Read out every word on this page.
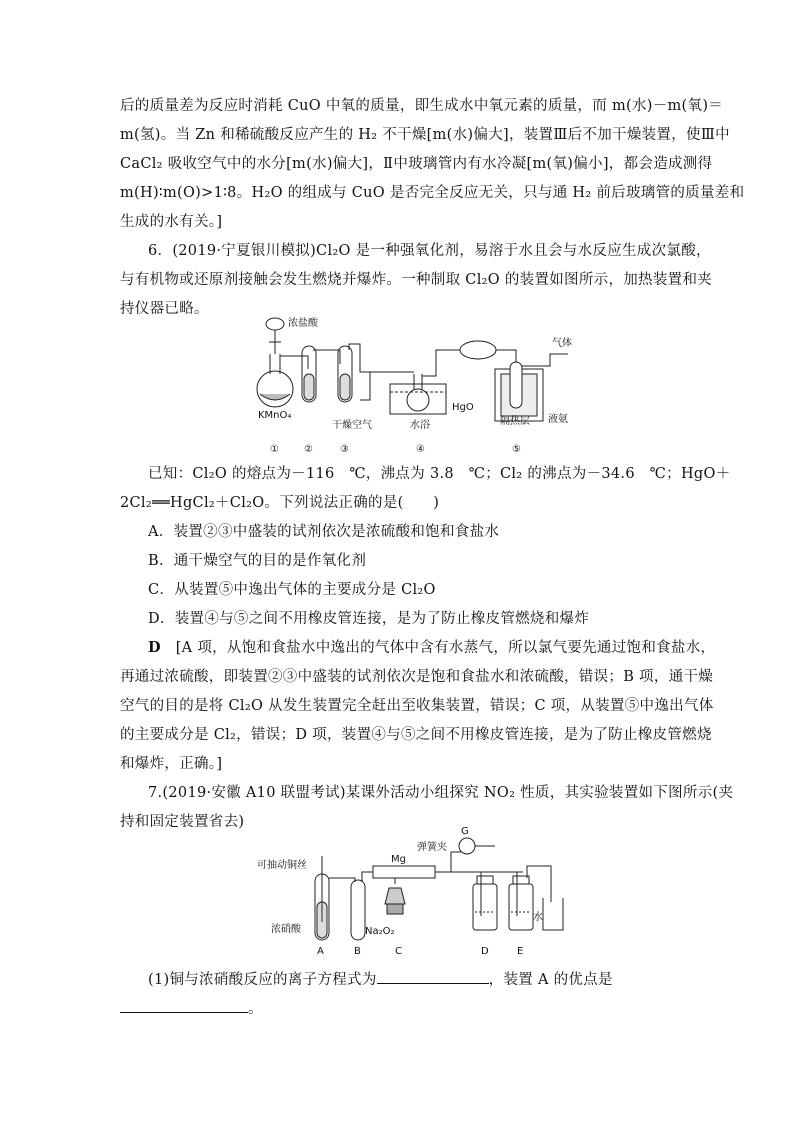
后的质量差为反应时消耗 CuO 中氧的质量，即生成水中氧元素的质量，而 m(水)－m(氧)＝
m(氢)。当 Zn 和稀硫酸反应产生的 H₂ 不干燥[m(水)偏大]，装置Ⅲ后不加干燥装置，使Ⅲ中
CaCl₂ 吸收空气中的水分[m(水)偏大]，Ⅱ中玻璃管内有水冷凝[m(氧)偏小]，都会造成测得
m(H)∶m(O)>1∶8。H₂O 的组成与 CuO 是否完全反应无关，只与通 H₂ 前后玻璃管的质量差和
生成的水有关。]
6．(2019·宁夏银川模拟)Cl₂O 是一种强氧化剂，易溶于水且会与水反应生成次氯酸，
与有机物或还原剂接触会发生燃烧并爆炸。一种制取 Cl₂O 的装置如图所示，加热装置和夹
持仪器已略。
浓盐酸
KMnO₄
干燥空气	水浴
HgO
气体
隔热层 液氨
①	②	③	④	⑤
已知：Cl₂O 的熔点为－116　℃，沸点为 3.8　℃；Cl₂ 的沸点为－34.6　℃；HgO＋
2Cl₂══HgCl₂＋Cl₂O。下列说法正确的是(　　)
A．装置②③中盛装的试剂依次是浓硫酸和饱和食盐水
B．通干燥空气的目的是作氧化剂
C．从装置⑤中逸出气体的主要成分是 Cl₂O
D．装置④与⑤之间不用橡皮管连接，是为了防止橡皮管燃烧和爆炸
D　 [A 项，从饱和食盐水中逸出的气体中含有水蒸气，所以氯气要先通过饱和食盐水，
再通过浓硫酸，即装置②③中盛装的试剂依次是饱和食盐水和浓硫酸，错误；B 项，通干燥
空气的目的是将 Cl₂O 从发生装置完全赶出至收集装置，错误；C 项，从装置⑤中逸出气体
的主要成分是 Cl₂，错误；D 项，装置④与⑤之间不用橡皮管连接，是为了防止橡皮管燃烧
和爆炸，正确。]
7.(2019·安徽 A10 联盟考试)某课外活动小组探究 NO₂ 性质，其实验装置如下图所示(夹
持和固定装置省去)
可抽动铜丝
浓硝酸	Na₂O₂
Mg
弹簧夹
G
水
A	B	C	D	E
(1)铜与浓硝酸反应的离子方程式为	，装置 A 的优点是
。
